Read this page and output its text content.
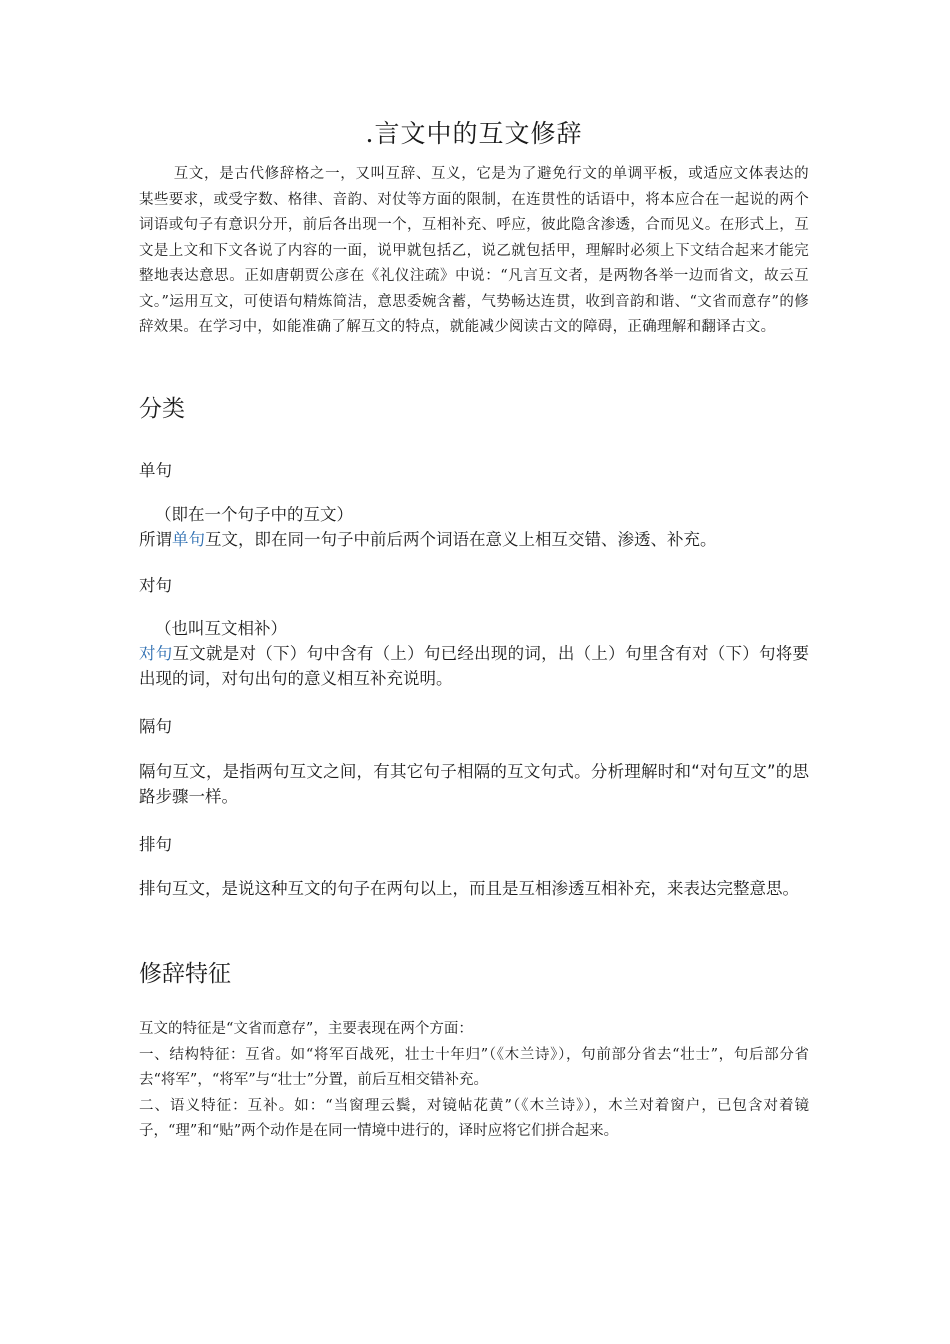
.言文中的互文修辞

互文，是古代修辞格之一，又叫互辞、互义，它是为了避免行文的单调平板，或适应文体表达的某些要求，或受字数、格律、音韵、对仗等方面的限制，在连贯性的话语中，将本应合在一起说的两个词语或句子有意识分开，前后各出现一个，互相补充、呼应，彼此隐含渗透，合而见义。在形式上，互文是上文和下文各说了内容的一面，说甲就包括乙，说乙就包括甲，理解时必须上下文结合起来才能完整地表达意思。正如唐朝贾公彦在《礼仪注疏》中说：“凡言互文者，是两物各举一边而省文，故云互文。”运用互文，可使语句精炼简洁，意思委婉含蓄，气势畅达连贯，收到音韵和谐、“文省而意存”的修辞效果。在学习中，如能准确了解互文的特点，就能减少阅读古文的障碍，正确理解和翻译古文。

分类
单句
（即在一个句子中的互文）
所谓单句互文，即在同一句子中前后两个词语在意义上相互交错、渗透、补充。
对句
（也叫互文相补）
对句互文就是对（下）句中含有（上）句已经出现的词，出（上）句里含有对（下）句将要出现的词，对句出句的意义相互补充说明。
隔句

隔句互文，是指两句互文之间，有其它句子相隔的互文句式。分析理解时和“对句互文”的思路步骤一样。

排句

排句互文，是说这种互文的句子在两句以上，而且是互相渗透互相补充，来表达完整意思。

修辞特征
互文的特征是“文省而意存”，主要表现在两个方面：
一、结构特征：互省。如“将军百战死，壮士十年归”（《木兰诗》），句前部分省去“壮士”，句后部分省去“将军”，“将军”与“壮士”分置，前后互相交错补充。
二、语义特征：互补。如：“当窗理云鬓，对镜帖花黄”（《木兰诗》），木兰对着窗户，已包含对着镜子，“理”和“贴”两个动作是在同一情境中进行的，译时应将它们拼合起来。
